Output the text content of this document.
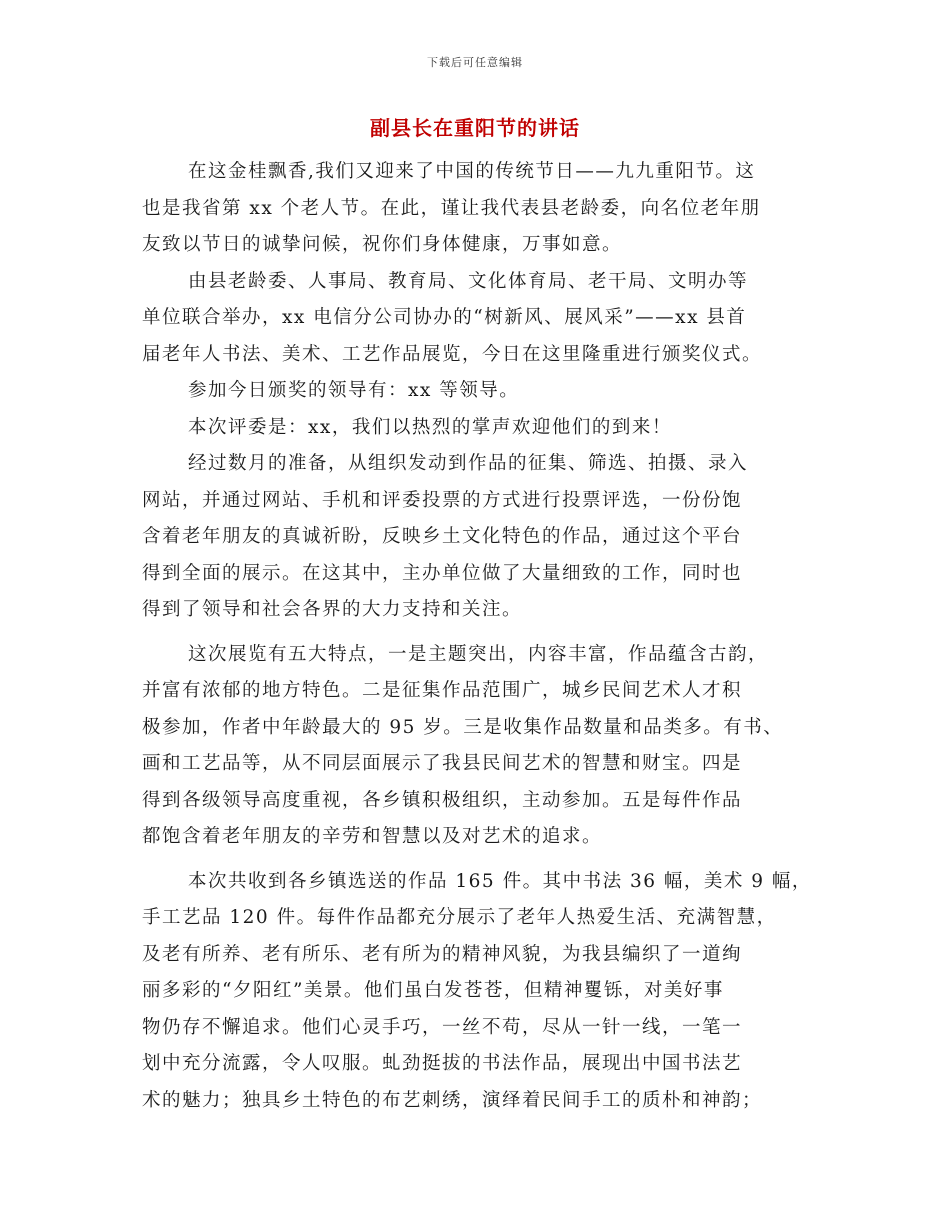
下载后可任意编辑
副县长在重阳节的讲话
在这金桂飘香,我们又迎来了中国的传统节日——九九重阳节。这
也是我省第 xx 个老人节。在此，谨让我代表县老龄委，向名位老年朋
友致以节日的诚挚问候，祝你们身体健康，万事如意。
由县老龄委、人事局、教育局、文化体育局、老干局、文明办等
单位联合举办，xx 电信分公司协办的“树新风、展风采”——xx 县首
届老年人书法、美术、工艺作品展览，今日在这里隆重进行颁奖仪式。
参加今日颁奖的领导有：xx 等领导。
本次评委是：xx，我们以热烈的掌声欢迎他们的到来！
经过数月的准备，从组织发动到作品的征集、筛选、拍摄、录入
网站，并通过网站、手机和评委投票的方式进行投票评选，一份份饱
含着老年朋友的真诚祈盼，反映乡土文化特色的作品，通过这个平台
得到全面的展示。在这其中，主办单位做了大量细致的工作，同时也
得到了领导和社会各界的大力支持和关注。
这次展览有五大特点，一是主题突出，内容丰富，作品蕴含古韵，
并富有浓郁的地方特色。二是征集作品范围广，城乡民间艺术人才积
极参加，作者中年龄最大的 95 岁。三是收集作品数量和品类多。有书、
画和工艺品等，从不同层面展示了我县民间艺术的智慧和财宝。四是
得到各级领导高度重视，各乡镇积极组织，主动参加。五是每件作品
都饱含着老年朋友的辛劳和智慧以及对艺术的追求。
本次共收到各乡镇选送的作品 165 件。其中书法 36 幅，美术 9 幅，
手工艺品 120 件。每件作品都充分展示了老年人热爱生活、充满智慧，
及老有所养、老有所乐、老有所为的精神风貌，为我县编织了一道绚
丽多彩的“夕阳红”美景。他们虽白发苍苍，但精神矍铄，对美好事
物仍存不懈追求。他们心灵手巧，一丝不苟，尽从一针一线，一笔一
划中充分流露，令人叹服。虬劲挺拔的书法作品，展现出中国书法艺
术的魅力；独具乡土特色的布艺刺绣，演绎着民间手工的质朴和神韵；
